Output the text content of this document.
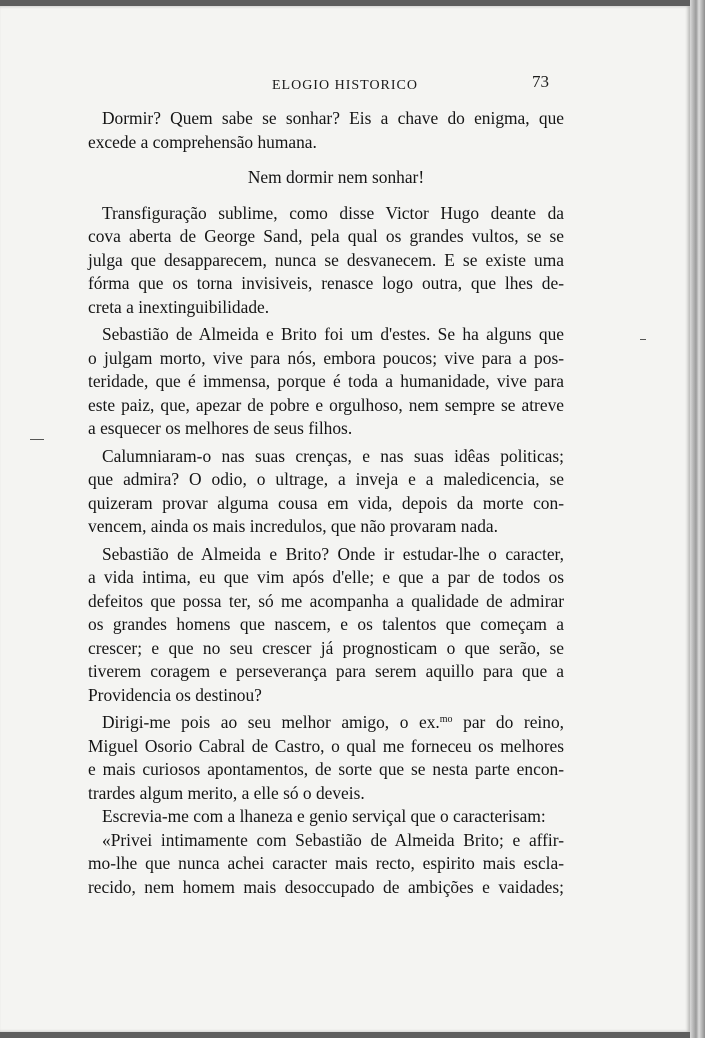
ELOGIO HISTORICO	73
Dormir? Quem sabe se sonhar? Eis a chave do enigma, que
excede a comprehensão humana.
Nem dormir nem sonhar!
Transfiguração sublime, como disse Victor Hugo deante da
cova aberta de George Sand, pela qual os grandes vultos, se se
julga que desapparecem, nunca se desvanecem. E se existe uma
fórma que os torna invisiveis, renasce logo outra, que lhes de-
creta a inextinguibilidade.
Sebastião de Almeida e Brito foi um d'estes. Se ha alguns que
o julgam morto, vive para nós, embora poucos; vive para a pos-
teridade, que é immensa, porque é toda a humanidade, vive para
este paiz, que, apezar de pobre e orgulhoso, nem sempre se atreve
a esquecer os melhores de seus filhos.
Calumniaram-o nas suas crenças, e nas suas idêas politicas;
que admira? O odio, o ultrage, a inveja e a maledicencia, se
quizeram provar alguma cousa em vida, depois da morte con-
vencem, ainda os mais incredulos, que não provaram nada.
Sebastião de Almeida e Brito? Onde ir estudar-lhe o caracter,
a vida intima, eu que vim após d'elle; e que a par de todos os
defeitos que possa ter, só me acompanha a qualidade de admirar
os grandes homens que nascem, e os talentos que começam a
crescer; e que no seu crescer já prognosticam o que serão, se
tiverem coragem e perseverança para serem aquillo para que a
Providencia os destinou?
Dirigi-me pois ao seu melhor amigo, o ex.$^{mo}$ par do reino,
Miguel Osorio Cabral de Castro, o qual me forneceu os melhores
e mais curiosos apontamentos, de sorte que se nesta parte encon-
trardes algum merito, a elle só o deveis.
Escrevia-me com a lhaneza e genio serviçal que o caracterisam:
«Privei intimamente com Sebastião de Almeida Brito; e affir-
mo-lhe que nunca achei caracter mais recto, espirito mais escla-
recido, nem homem mais desoccupado de ambições e vaidades;
